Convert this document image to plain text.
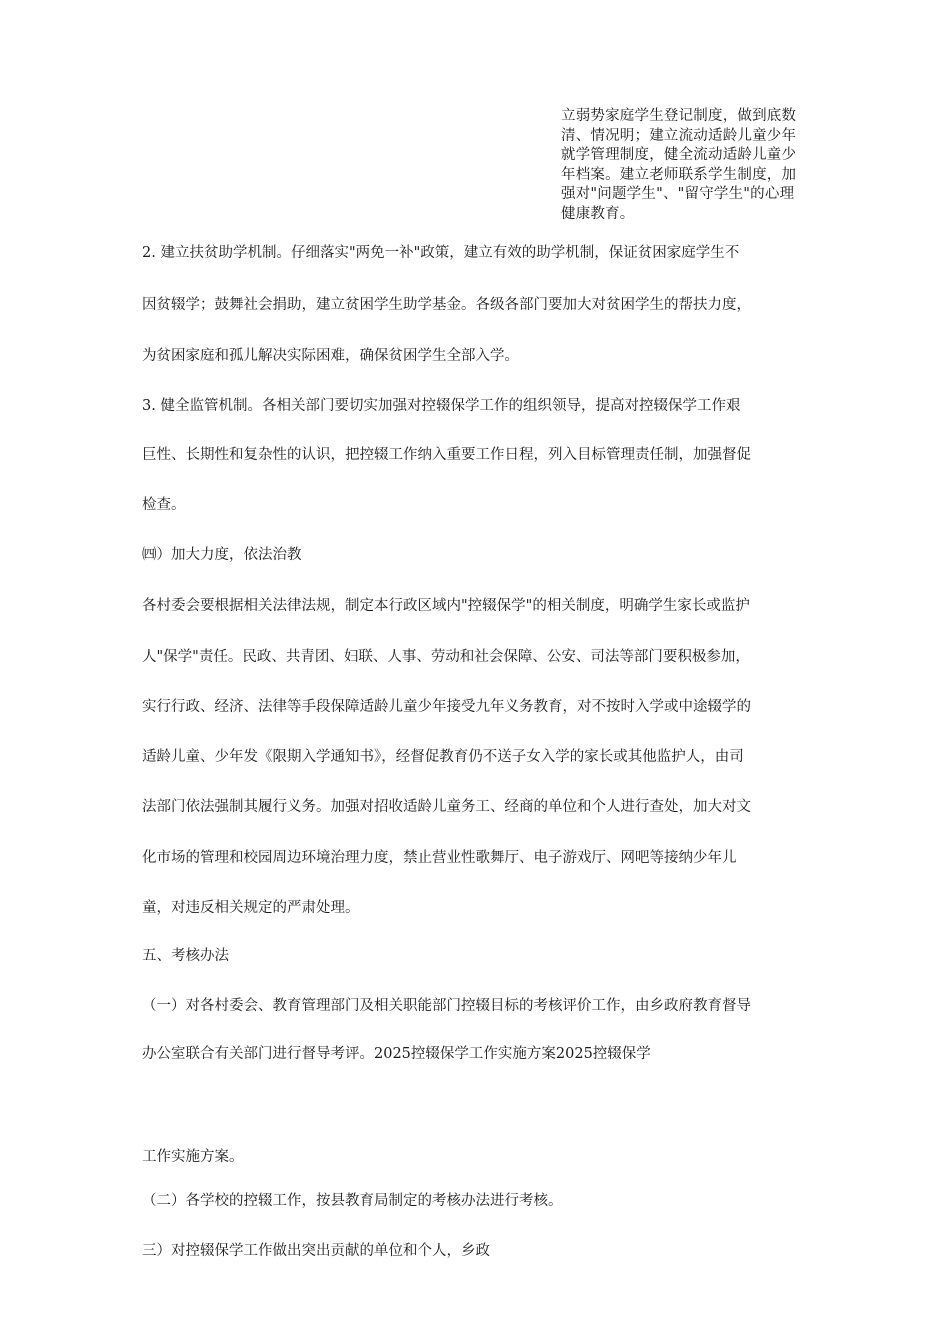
立弱势家庭学生登记制度，做到底数
清、情况明；建立流动适龄儿童少年
就学管理制度，健全流动适龄儿童少
年档案。建立老师联系学生制度，加
强对"问题学生"、"留守学生"的心理
健康教育。
2. 建立扶贫助学机制。仔细落实"两免一补"政策，建立有效的助学机制，保证贫困家庭学生不
因贫辍学；鼓舞社会捐助，建立贫困学生助学基金。各级各部门要加大对贫困学生的帮扶力度，
为贫困家庭和孤儿解决实际困难，确保贫困学生全部入学。
3. 健全监管机制。各相关部门要切实加强对控辍保学工作的组织领导，提高对控辍保学工作艰
巨性、长期性和复杂性的认识，把控辍工作纳入重要工作日程，列入目标管理责任制，加强督促
检查。
㈣）加大力度，依法治教
各村委会要根据相关法律法规，制定本行政区域内"控辍保学"的相关制度，明确学生家长或监护
人"保学"责任。民政、共青团、妇联、人事、劳动和社会保障、公安、司法等部门要积极参加，
实行行政、经济、法律等手段保障适龄儿童少年接受九年义务教育，对不按时入学或中途辍学的
适龄儿童、少年发《限期入学通知书》，经督促教育仍不送子女入学的家长或其他监护人，由司
法部门依法强制其履行义务。加强对招收适龄儿童务工、经商的单位和个人进行查处，加大对文
化市场的管理和校园周边环境治理力度，禁止营业性歌舞厅、电子游戏厅、网吧等接纳少年儿
童，对违反相关规定的严肃处理。
五、考核办法
（一）对各村委会、教育管理部门及相关职能部门控辍目标的考核评价工作，由乡政府教育督导
办公室联合有关部门进行督导考评。2025控辍保学工作实施方案2025控辍保学
工作实施方案。
（二）各学校的控辍工作，按县教育局制定的考核办法进行考核。
三）对控辍保学工作做出突出贡献的单位和个人，乡政
